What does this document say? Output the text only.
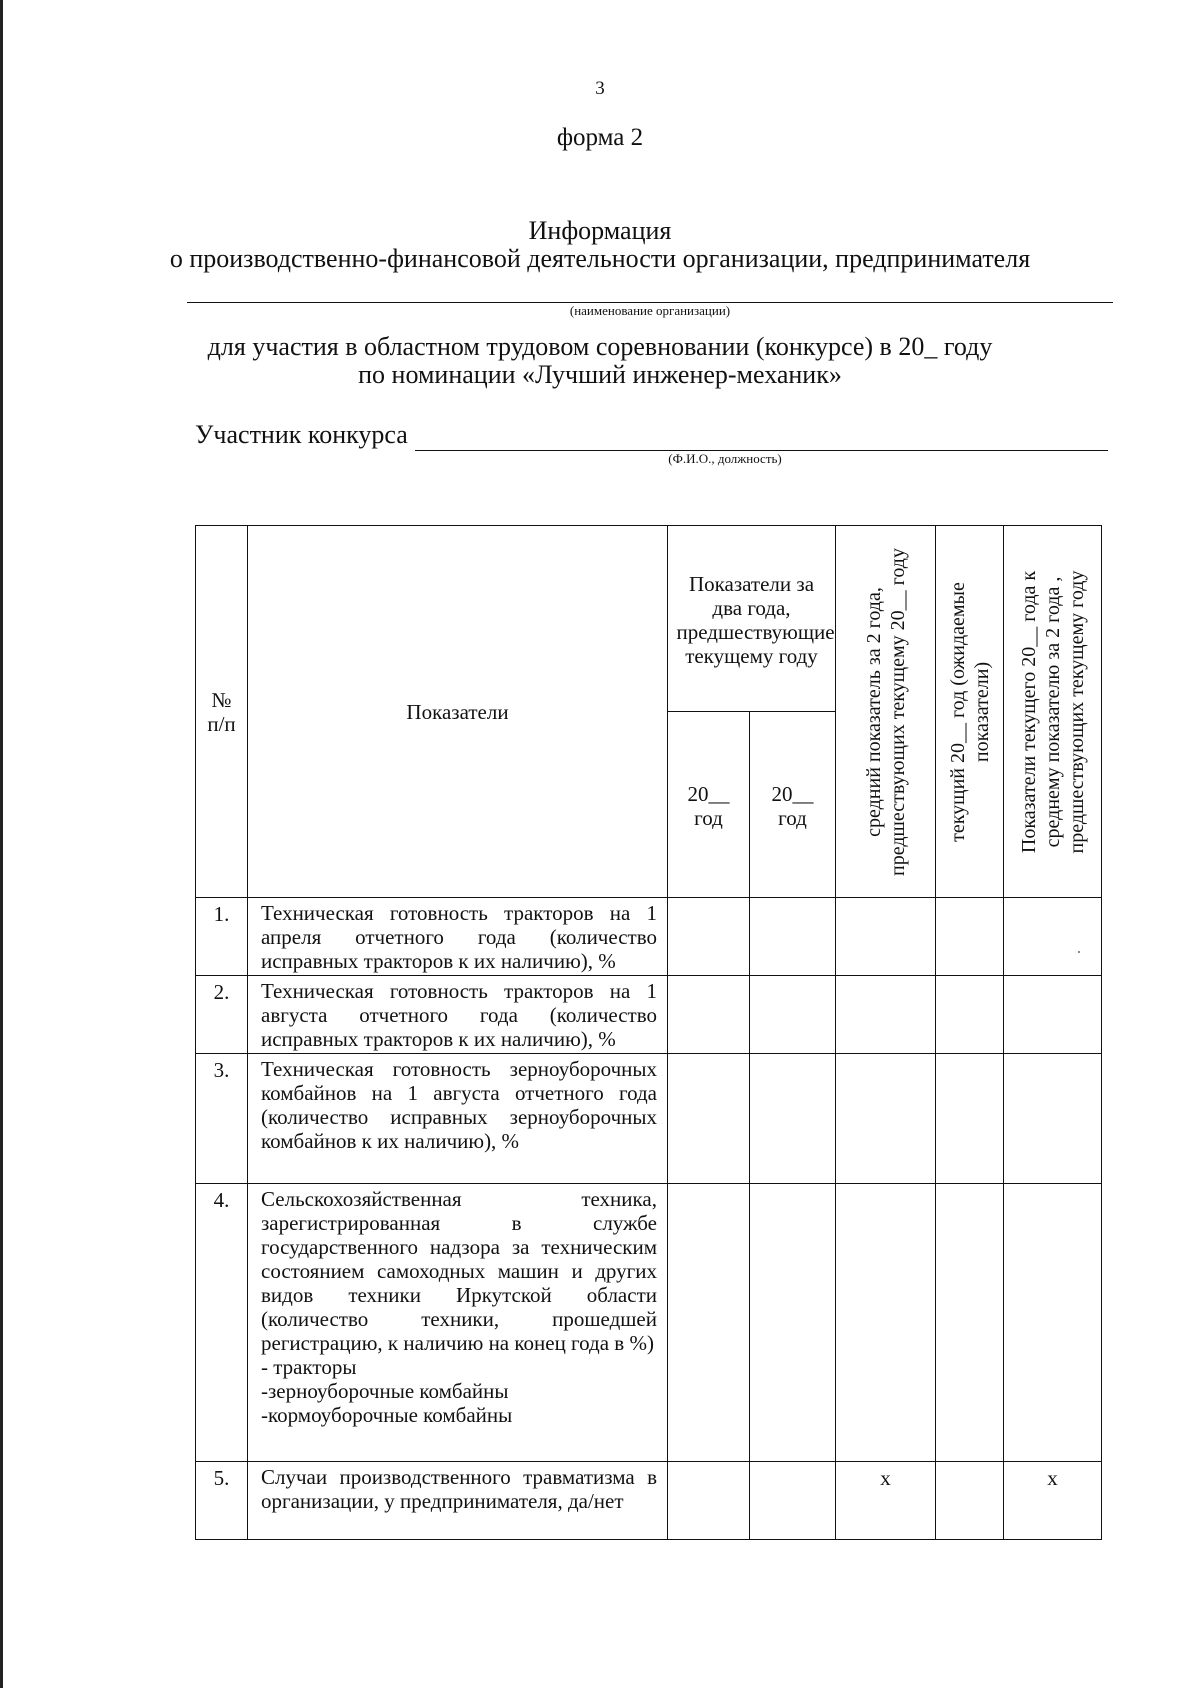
3
форма 2
Информация
о производственно-финансовой деятельности организации, предпринимателя
(наименование организации)
для участия в областном трудовом соревновании (конкурсе) в 20_ году
по номинации «Лучший инженер-механик»
Участник конкурса
(Ф.И.О., должность)
№ п/п	Показатели	Показатели за два года, предшествующие текущему году		средний показатель за 2 года, предшествующих текущему 20__ году	текущий 20__ год (ожидаемые показатели)	Показатели текущего 20__ года к среднему показателю за 2 года , предшествующих текущему году

		20__ год	20__ год			

1.	Техническая готовность тракторов на 1 апреля отчетного года (количество исправных тракторов к их наличию), %					

2.	Техническая готовность тракторов на 1 августа отчетного года (количество исправных тракторов к их наличию), %					

3.	Техническая готовность зерноуборочных комбайнов на 1 августа отчетного года (количество исправных зерноуборочных комбайнов к их наличию), %					

4.	Сельскохозяйственная техника, зарегистрированная в службе государственного надзора за техническим состоянием самоходных машин и других видов техники Иркутской области (количество техники, прошедшей регистрацию, к наличию на конец года в %)
- тракторы
-зерноуборочные комбайны
-кормоуборочные комбайны					

5.	Случаи производственного травматизма в организации, у предпринимателя, да/нет			x		x
